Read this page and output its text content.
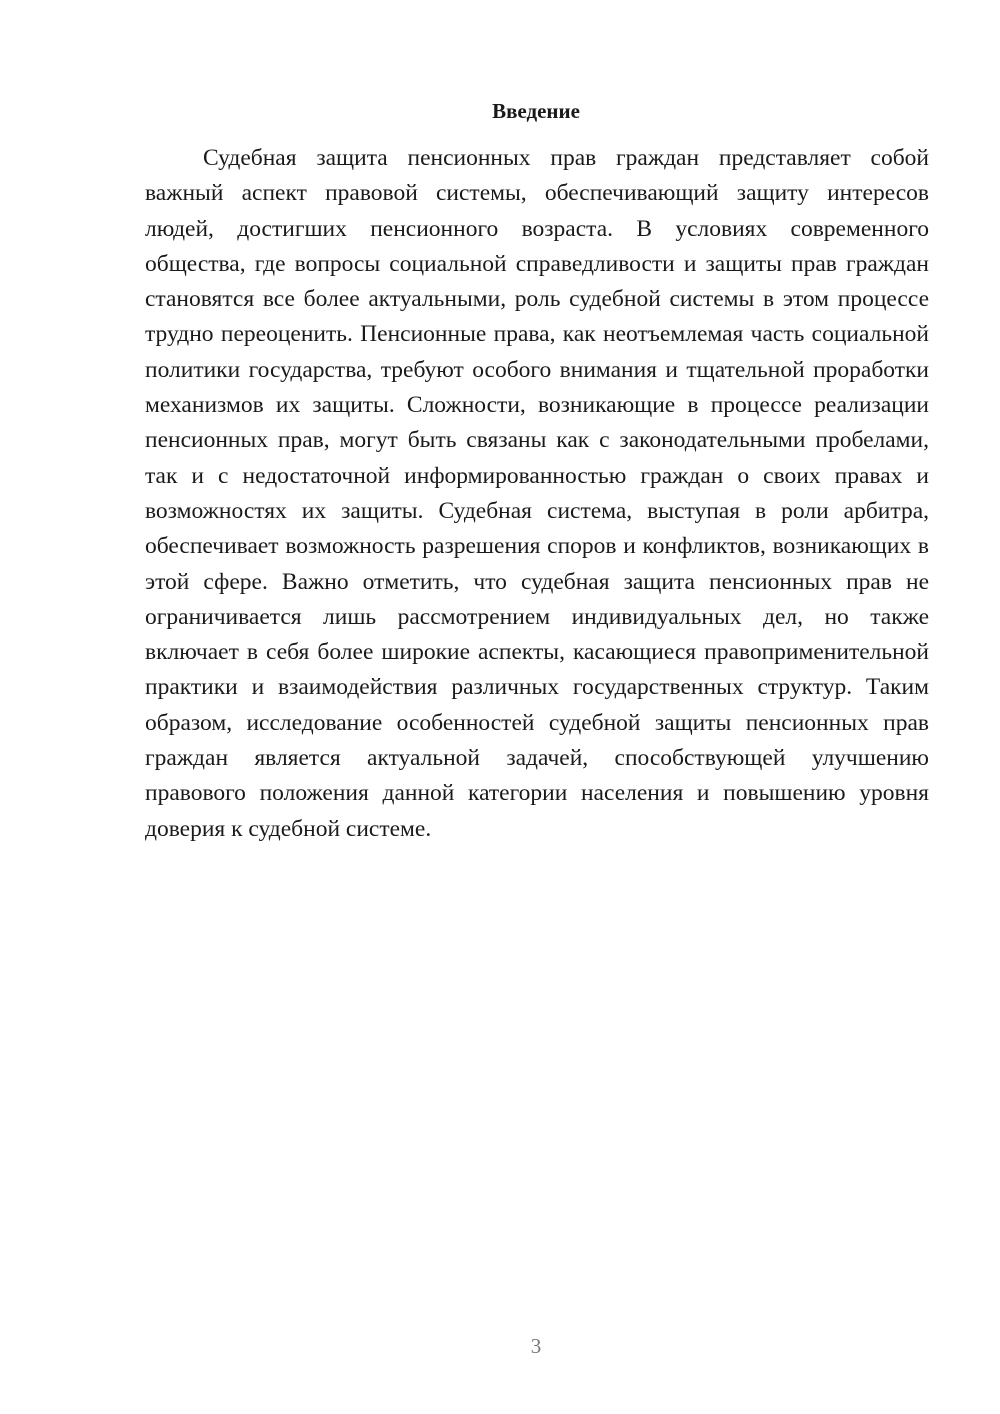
Введение

Судебная защита пенсионных прав граждан представляет собой важный аспект правовой системы, обеспечивающий защиту интересов людей, достигших пенсионного возраста. В условиях современного общества, где вопросы социальной справедливости и защиты прав граждан становятся все более актуальными, роль судебной системы в этом процессе трудно переоценить. Пенсионные права, как неотъемлемая часть социальной политики государства, требуют особого внимания и тщательной проработки механизмов их защиты. Сложности, возникающие в процессе реализации пенсионных прав, могут быть связаны как с законодательными пробелами, так и с недостаточной информированностью граждан о своих правах и возможностях их защиты. Судебная система, выступая в роли арбитра, обеспечивает возможность разрешения споров и конфликтов, возникающих в этой сфере. Важно отметить, что судебная защита пенсионных прав не ограничивается лишь рассмотрением индивидуальных дел, но также включает в себя более широкие аспекты, касающиеся правоприменительной практики и взаимодействия различных государственных структур. Таким образом, исследование особенностей судебной защиты пенсионных прав граждан является актуальной задачей, способствующей улучшению правового положения данной категории населения и повышению уровня доверия к судебной системе.

3
